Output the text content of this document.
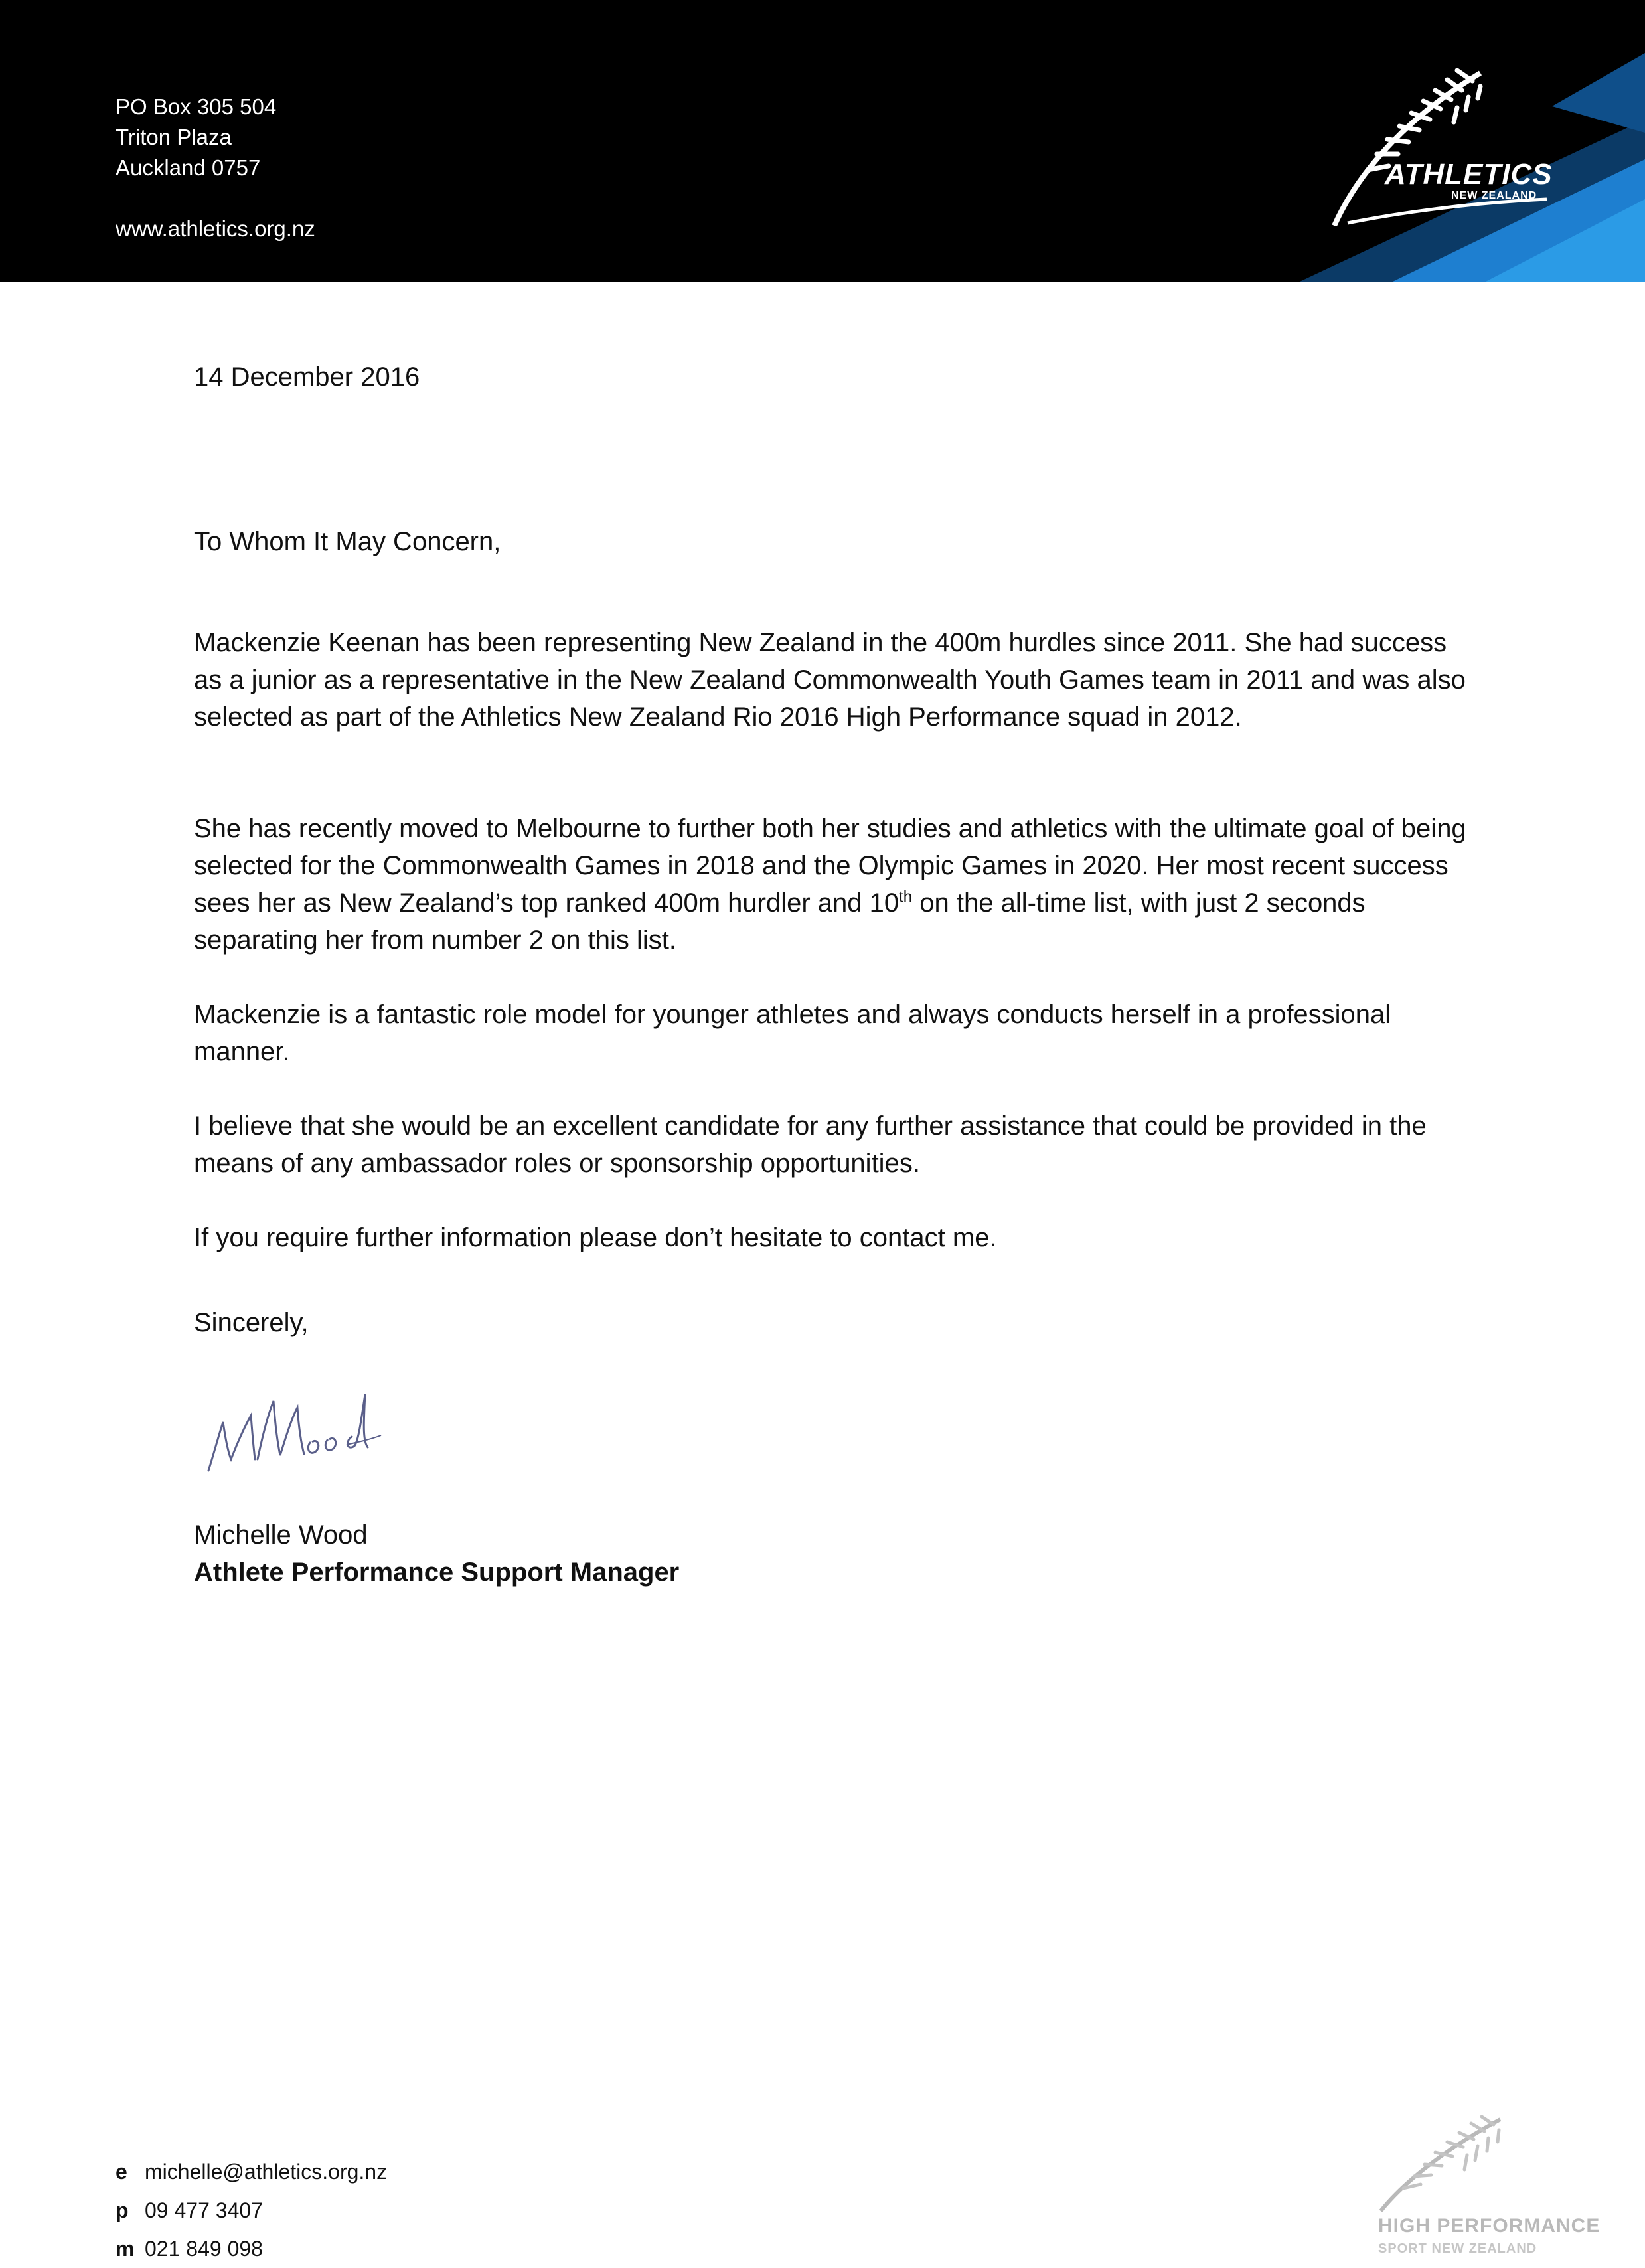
PO Box 305 504
Triton Plaza
Auckland 0757
www.athletics.org.nz
ATHLETICS
NEW ZEALAND
14 December 2016
To Whom It May Concern,

Mackenzie Keenan has been representing New Zealand in the 400m hurdles since 2011. She had success as a junior as a representative in the New Zealand Commonwealth Youth Games team in 2011 and was also selected as part of the Athletics New Zealand Rio 2016 High Performance squad in 2012.

She has recently moved to Melbourne to further both her studies and athletics with the ultimate goal of being selected for the Commonwealth Games in 2018 and the Olympic Games in 2020. Her most recent success sees her as New Zealand’s top ranked 400m hurdler and 10th on the all-time list, with just 2 seconds separating her from number 2 on this list.

Mackenzie is a fantastic role model for younger athletes and always conducts herself in a professional manner.

I believe that she would be an excellent candidate for any further assistance that could be provided in the means of any ambassador roles or sponsorship opportunities.

If you require further information please don’t hesitate to contact me.

Sincerely,
Michelle Wood
Athlete Performance Support Manager
e michelle@athletics.org.nz
p 09 477 3407
m 021 849 098
HIGH PERFORMANCE
SPORT NEW ZEALAND
